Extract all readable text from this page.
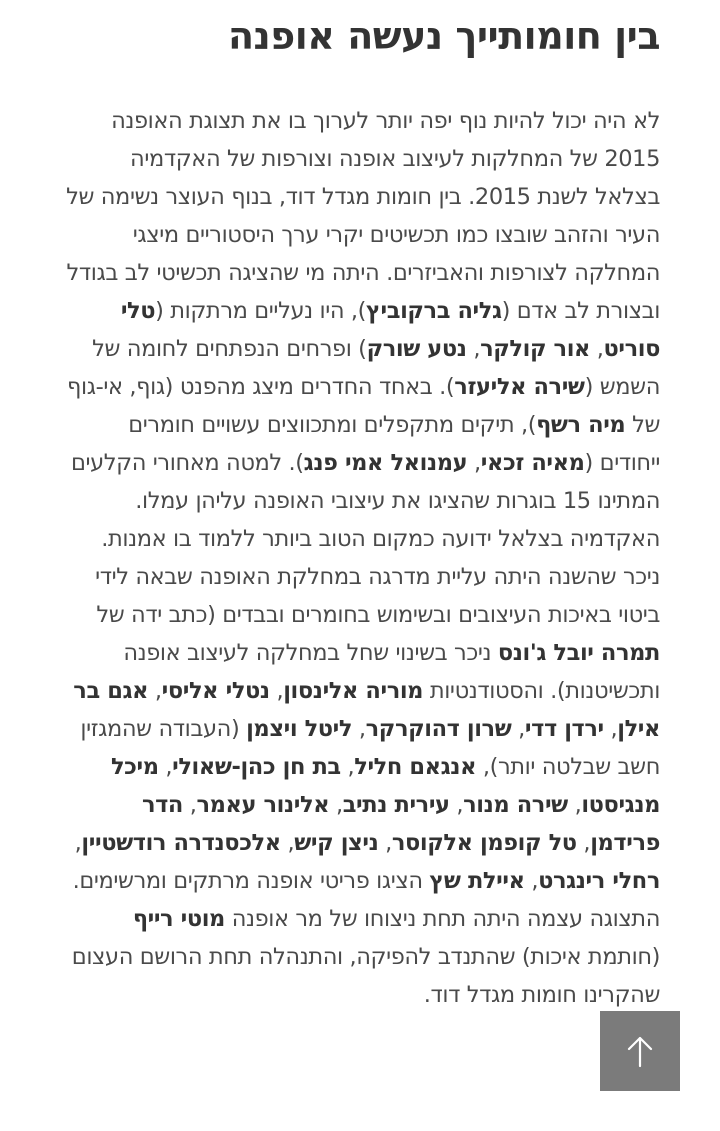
בין חומותייך נעשה אופנה

לא היה יכול להיות נוף יפה יותר לערוך בו את תצוגת האופנה 2015 של המחלקות לעיצוב אופנה וצורפות של האקדמיה בצלאל לשנת 2015. בין חומות מגדל דוד, בנוף העוצר נשימה של העיר והזהב שובצו כמו תכשיטים יקרי ערך היסטוריים מיצגי המחלקה לצורפות והאביזרים. היתה מי שהציגה תכשיטי לב בגודל ובצורת לב אדם (גליה ברקוביץ), היו נעליים מרתקות (טלי סוריט, אור קולקר, נטע שורק) ופרחים הנפתחים לחומה של השמש (שירה אליעזר). באחד החדרים מיצג מהפנט (גוף, אי-גוף של מיה רשף), תיקים מתקפלים ומתכווצים עשויים חומרים ייחודים (מאיה זכאי, עמנואל אמי פנג). למטה מאחורי הקלעים המתינו 15 בוגרות שהציגו את עיצובי האופנה עליהן עמלו. האקדמיה בצלאל ידועה כמקום הטוב ביותר ללמוד בו אמנות. ניכר שהשנה היתה עליית מדרגה במחלקת האופנה שבאה לידי ביטוי באיכות העיצובים ובשימוש בחומרים ובבדים (כתב ידה של תמרה יובל ג'ונס ניכר בשינוי שחל במחלקה לעיצוב אופנה ותכשיטנות). והסטודנטיות מוריה אלינסון, נטלי אליסי, אגם בר אילן, ירדן דדי, שרון דהוקרקר, ליטל ויצמן (העבודה שהמגזין חשב שבלטה יותר), אנגאם חליל, בת חן כהן-שאולי, מיכל מנגיסטו, שירה מנור, עירית נתיב, אלינור עאמר, הדר פרידמן, טל קופמן אלקוסר, ניצן קיש, אלכסנדרה רודשטיין, רחלי רינגרט, איילת שץ הציגו פריטי אופנה מרתקים ומרשימים. התצוגה עצמה היתה תחת ניצוחו של מר אופנה מוטי רייף (חותמת איכות) שהתנדב להפיקה, והתנהלה תחת הרושם העצום שהקרינו חומות מגדל דוד.
